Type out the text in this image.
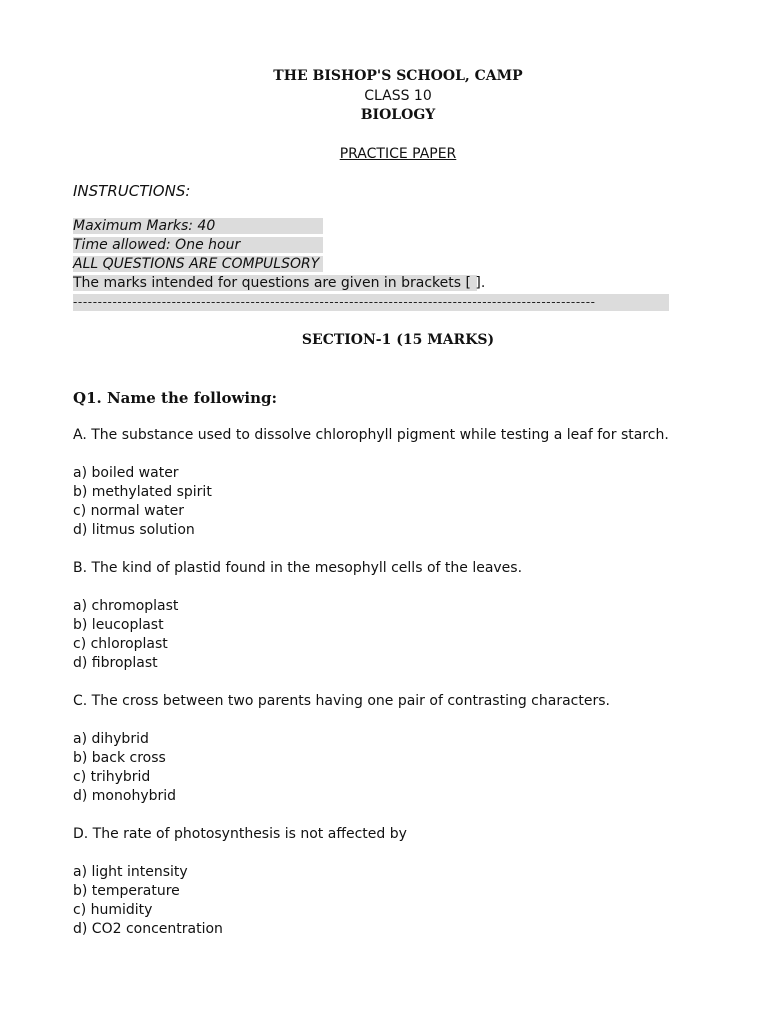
THE BISHOP'S SCHOOL, CAMP
CLASS 10
BIOLOGY
PRACTICE PAPER
INSTRUCTIONS:
Maximum Marks: 40
Time allowed: One hour
ALL QUESTIONS ARE COMPULSORY
The marks intended for questions are given in brackets [ ].
----------------------------------------------------------------------------------------------------------
SECTION-1 (15 MARKS)
Q1. Name the following:
A. The substance used to dissolve chlorophyll pigment while testing a leaf for starch.
a) boiled water
b) methylated spirit
c) normal water
d) litmus solution
B. The kind of plastid found in the mesophyll cells of the leaves.
a) chromoplast
b) leucoplast
c) chloroplast
d) fibroplast
C. The cross between two parents having one pair of contrasting characters.
a) dihybrid
b) back cross
c) trihybrid
d) monohybrid
D. The rate of photosynthesis is not affected by
a) light intensity
b) temperature
c) humidity
d) CO2 concentration
